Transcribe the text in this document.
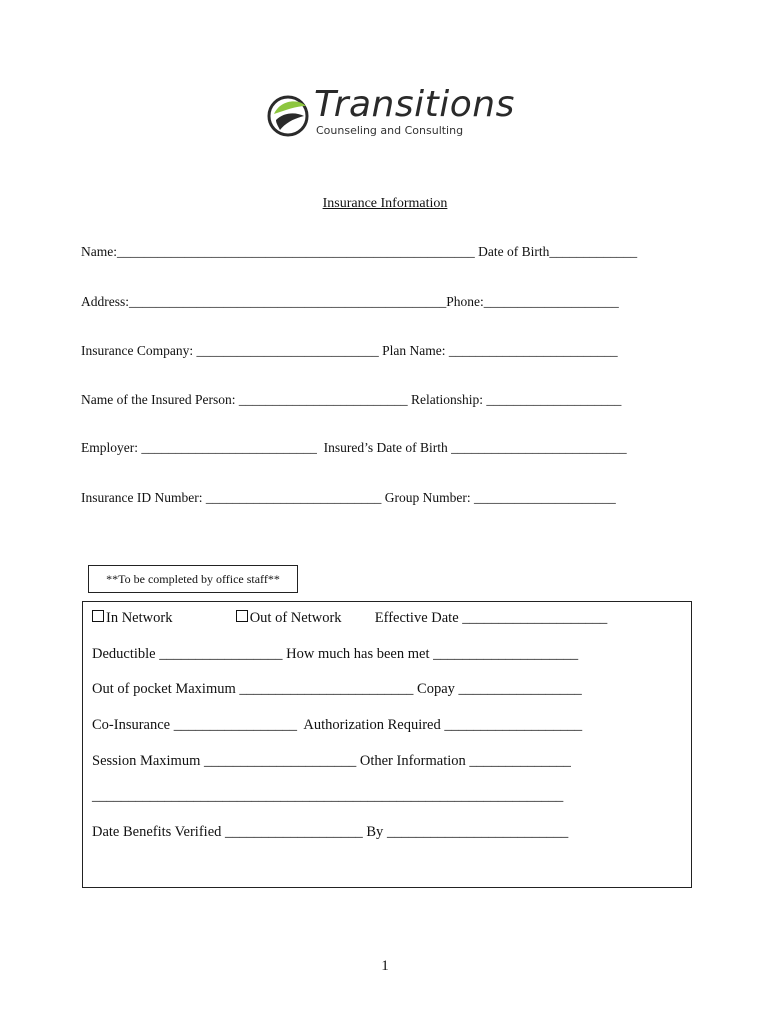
Transitions
Counseling and Consulting
Insurance Information
Name:_____________________________________________________ Date of Birth_____________
Address:_______________________________________________Phone:____________________
Insurance Company: ___________________________ Plan Name: _________________________
Name of the Insured Person: _________________________ Relationship: ____________________
Employer: __________________________  Insured’s Date of Birth __________________________
Insurance ID Number: __________________________ Group Number: _____________________
**To be completed by office staff**
In Network	Out of Network Effective Date ____________________
Deductible _________________ How much has been met ____________________
Out of pocket Maximum ________________________ Copay _________________
Co-Insurance _________________  Authorization Required ___________________
Session Maximum _____________________ Other Information ______________
_________________________________________________________________
Date Benefits Verified ___________________ By _________________________
1
